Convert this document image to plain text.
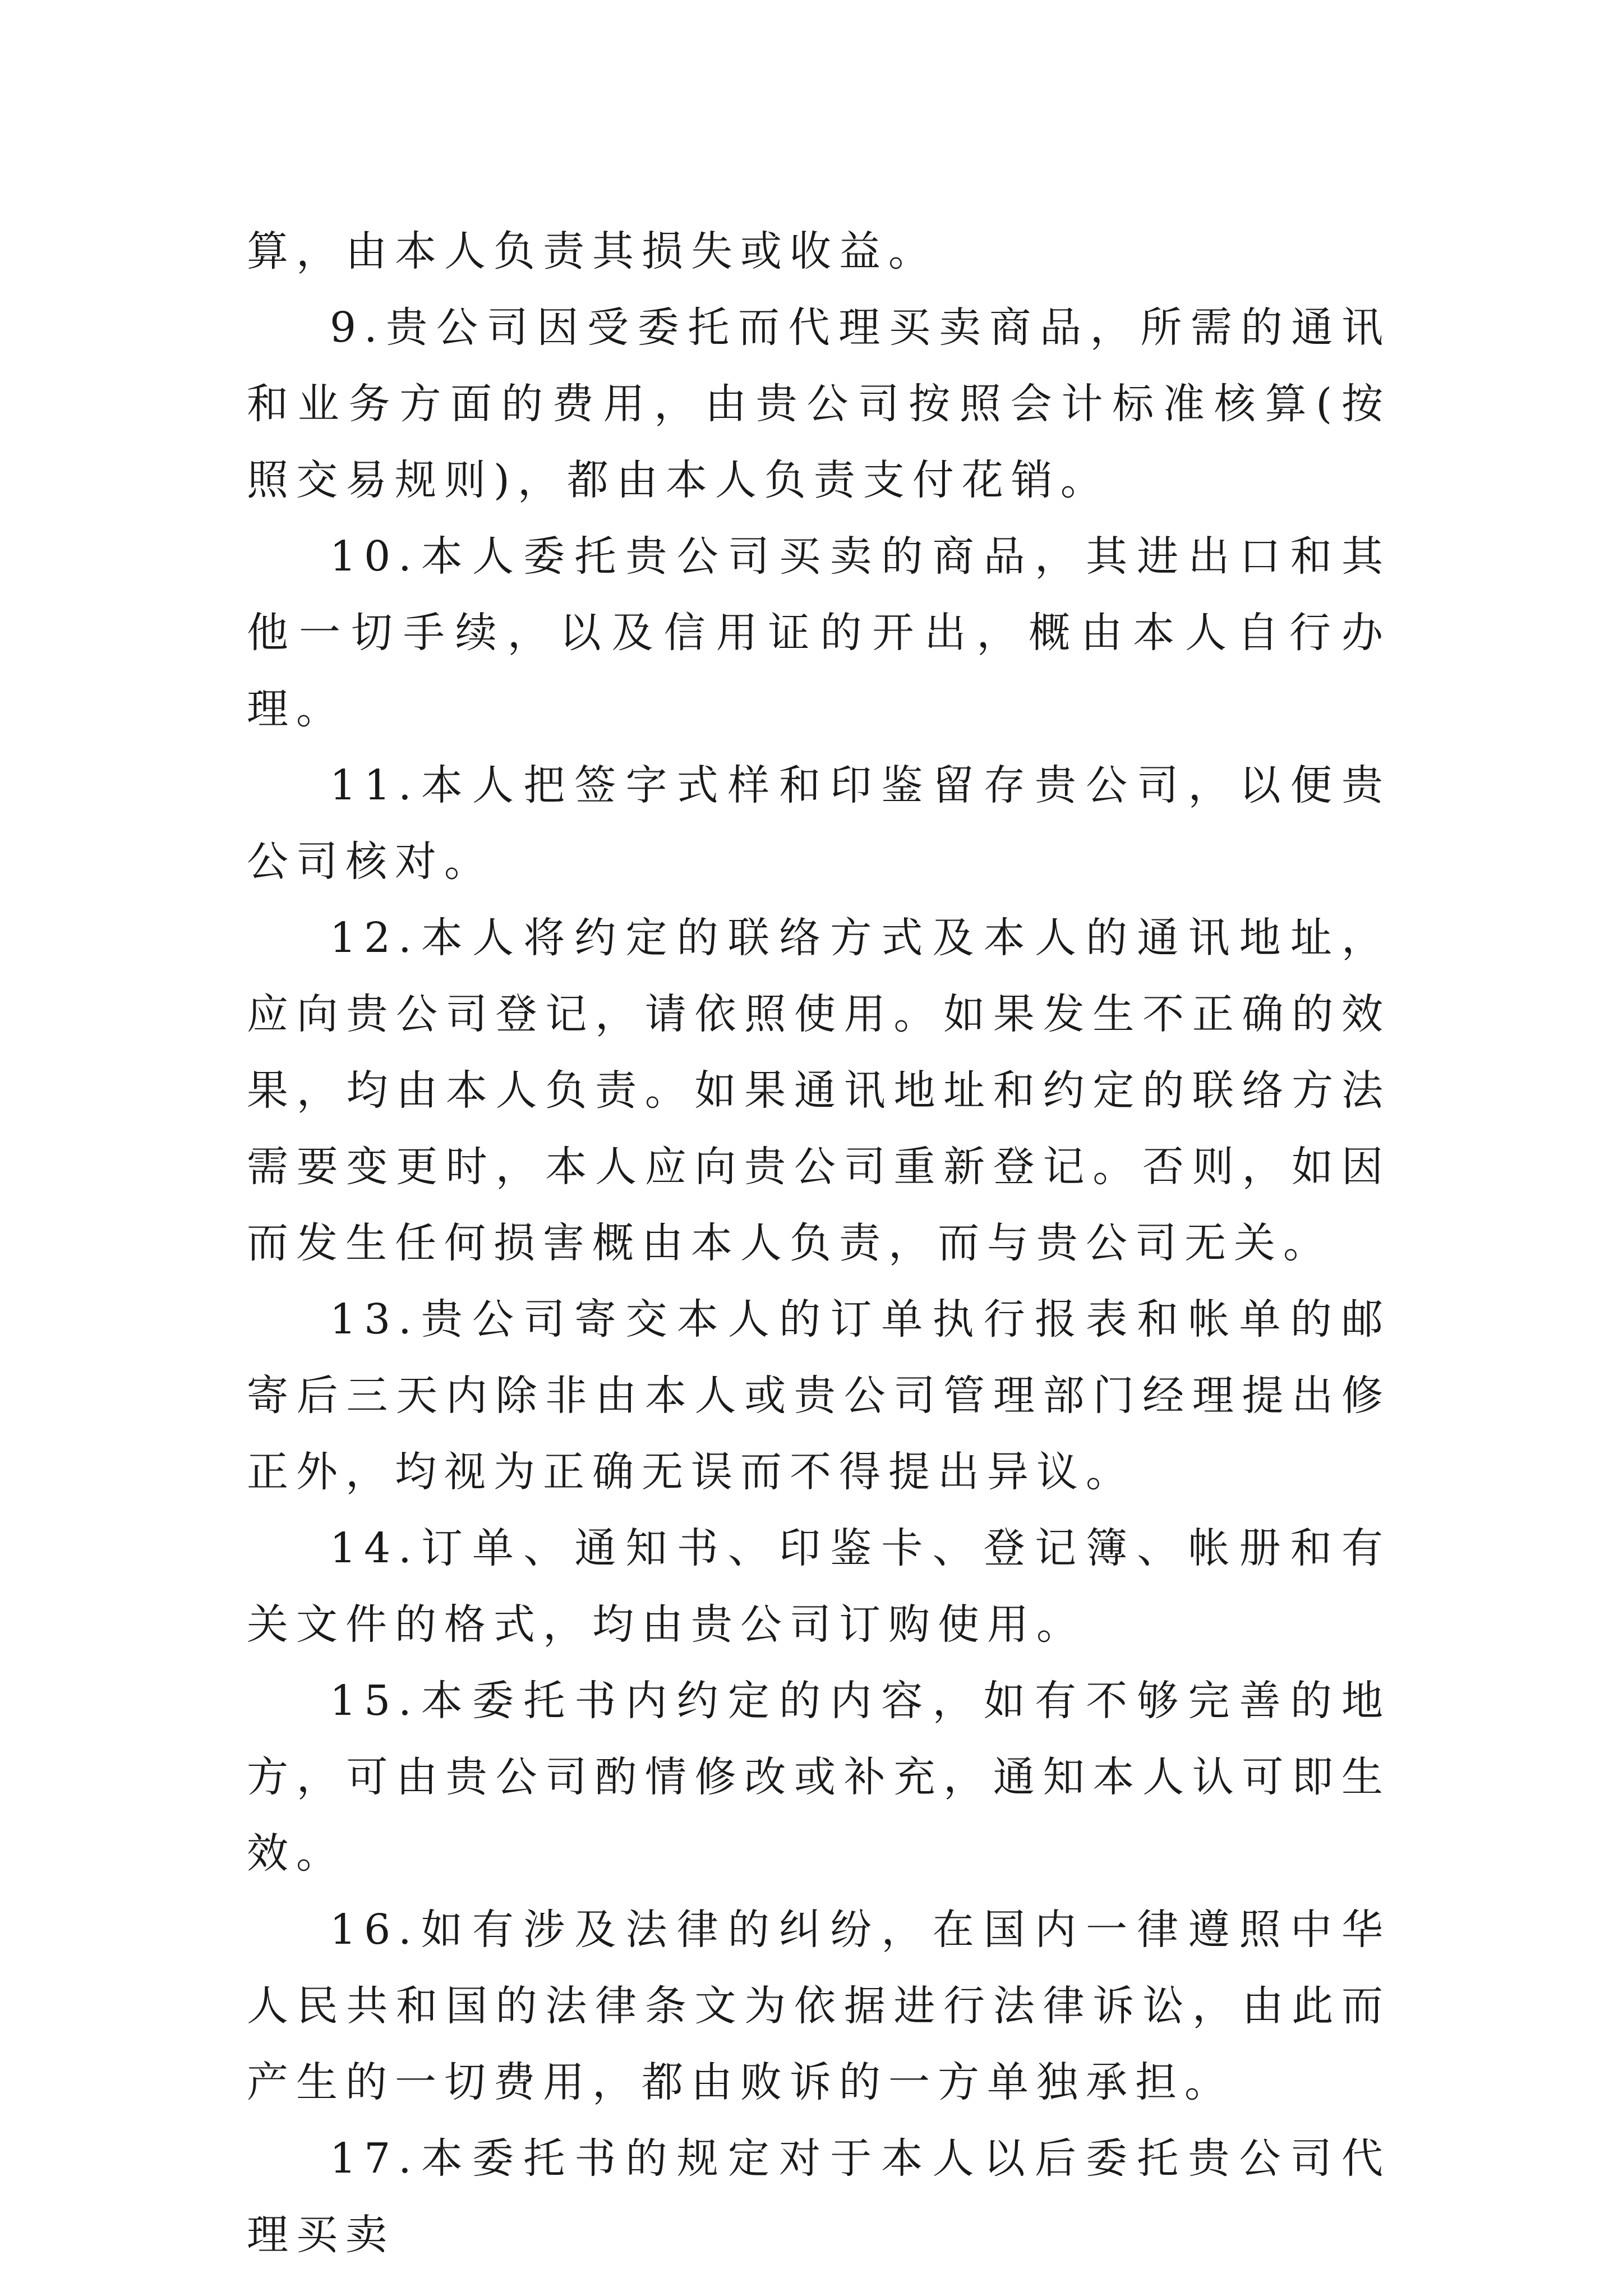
算，由本人负责其损失或收益。

9.贵公司因受委托而代理买卖商品，所需的通讯和业务方面的费用，由贵公司按照会计标准核算(按照交易规则)，都由本人负责支付花销。

10.本人委托贵公司买卖的商品，其进出口和其他一切手续，以及信用证的开出，概由本人自行办理。

11.本人把签字式样和印鉴留存贵公司，以便贵公司核对。

12.本人将约定的联络方式及本人的通讯地址，应向贵公司登记，请依照使用。如果发生不正确的效果，均由本人负责。如果通讯地址和约定的联络方法需要变更时，本人应向贵公司重新登记。否则，如因而发生任何损害概由本人负责，而与贵公司无关。

13.贵公司寄交本人的订单执行报表和帐单的邮寄后三天内除非由本人或贵公司管理部门经理提出修正外，均视为正确无误而不得提出异议。

14.订单、通知书、印鉴卡、登记簿、帐册和有关文件的格式，均由贵公司订购使用。

15.本委托书内约定的内容，如有不够完善的地方，可由贵公司酌情修改或补充，通知本人认可即生效。

16.如有涉及法律的纠纷，在国内一律遵照中华人民共和国的法律条文为依据进行法律诉讼，由此而产生的一切费用，都由败诉的一方单独承担。

17.本委托书的规定对于本人以后委托贵公司代理买卖
